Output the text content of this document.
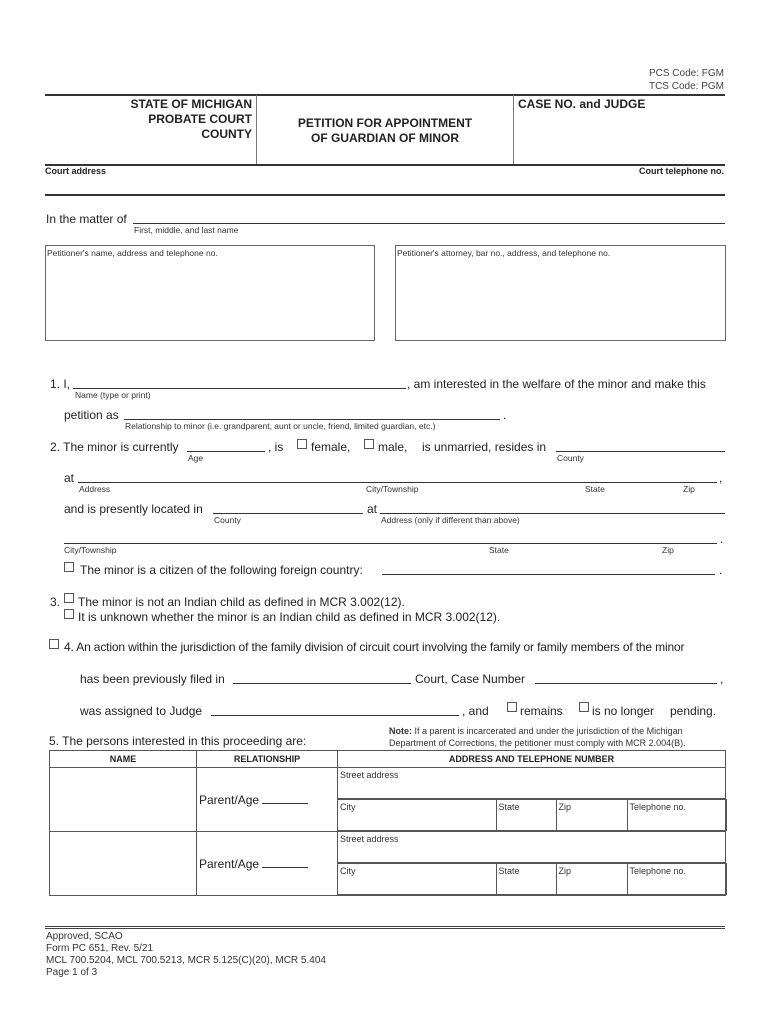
PCS Code: FGM
TCS Code: PGM
STATE OF MICHIGAN
PROBATE COURT
COUNTY
PETITION FOR APPOINTMENT
OF GUARDIAN OF MINOR
CASE NO. and JUDGE
Court address	Court telephone no.
In the matter of
First, middle, and last name
Petitioner's name, address and telephone no.	Petitioner's attorney, bar no., address, and telephone no.
1. I,
Name (type or print)
, am interested in the welfare of the minor and make this
petition as
Relationship to minor (i.e. grandparent, aunt or uncle, friend, limited guardian, etc.)
.
2. The minor is currently
Age
, is female, male, is unmarried, resides in
County
at	,
Address	City/Township	State	Zip
and is presently located in
County
at
Address (only if different than above)
.
City/Township	State	Zip
The minor is a citizen of the following foreign country:	.
3. The minor is not an Indian child as defined in MCR 3.002(12).
It is unknown whether the minor is an Indian child as defined in MCR 3.002(12).
4. An action within the jurisdiction of the family division of circuit court involving the family or family members of the minor
has been previously filed in	Court, Case Number	,
was assigned to Judge	, and	remains is no longer pending.
5. The persons interested in this proceeding are:
Note: If a parent is incarcerated and under the jurisdiction of the Michigan
Department of Corrections, the petitioner must comply with MCR 2.004(B).
NAME	RELATIONSHIP	ADDRESS AND TELEPHONE NUMBER
	Parent/Age	
Street address
City	State	Zip	Telephone no.

	Parent/Age	
Street address
City	State	Zip	Telephone no.
Approved, SCAO
Form PC 651, Rev. 5/21
MCL 700.5204, MCL 700.5213, MCR 5.125(C)(20), MCR 5.404
Page 1 of 3
